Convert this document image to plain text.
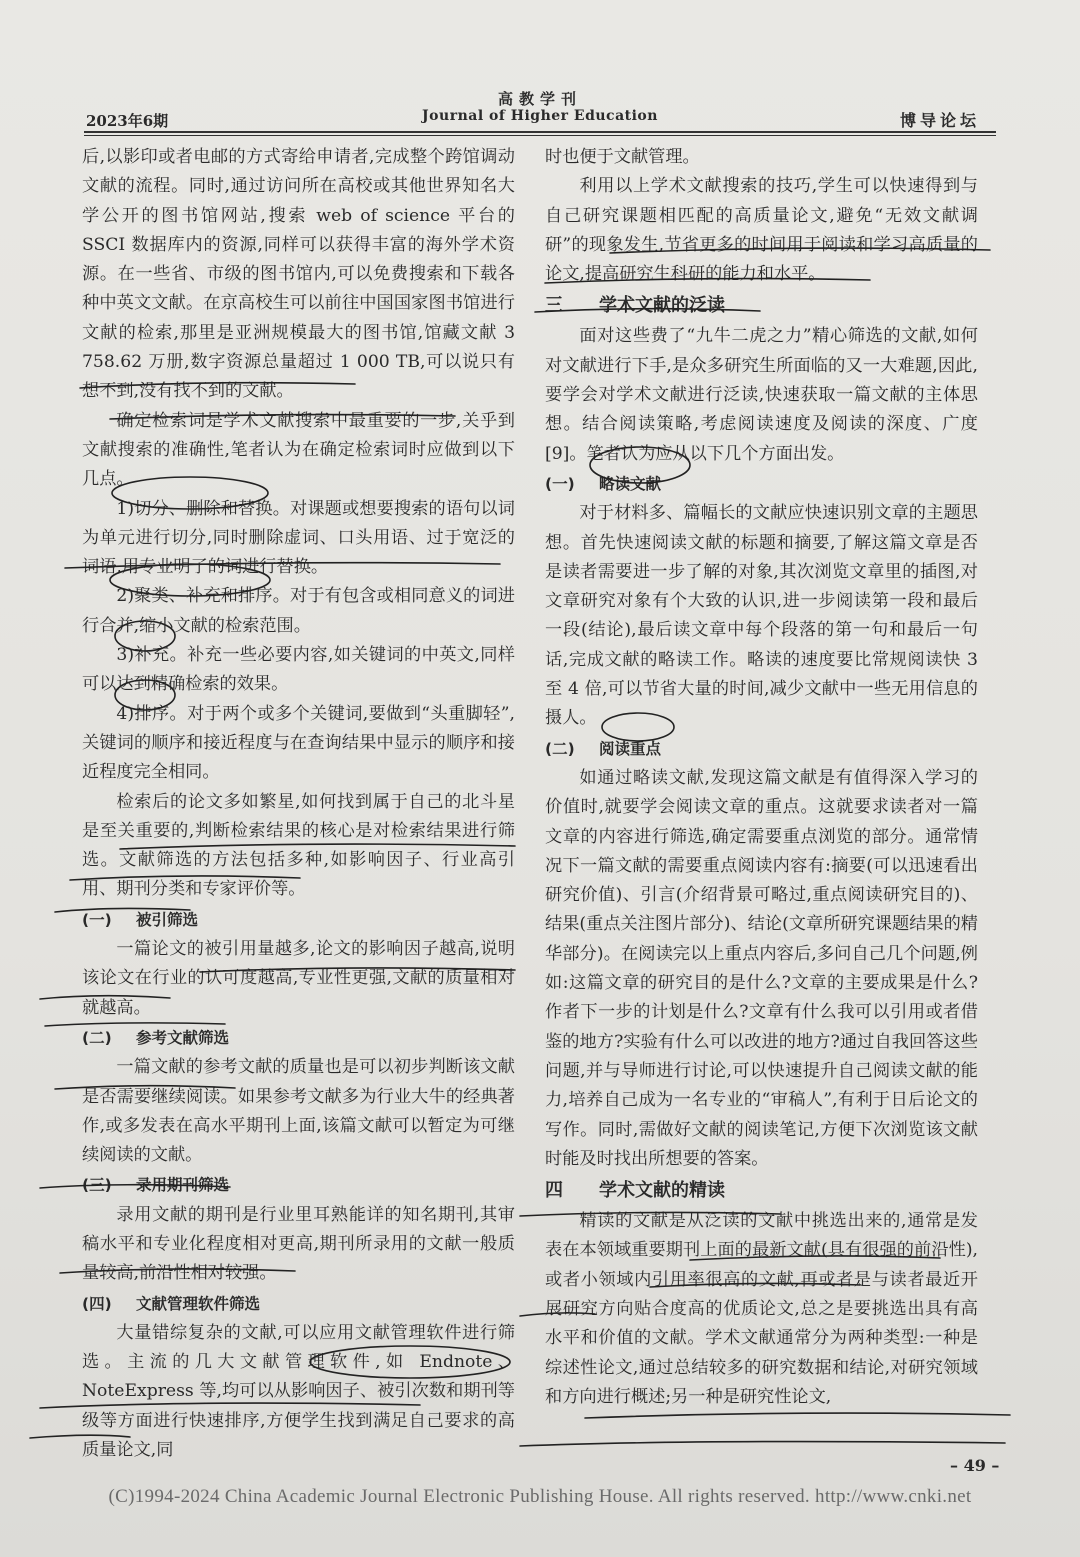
高教学刊
Journal of Higher Education
2023年6期	博导论坛

后,以影印或者电邮的方式寄给申请者,完成整个跨馆调动文献的流程。同时,通过访问所在高校或其他世界知名大学公开的图书馆网站,搜索 web of science 平台的 SSCI 数据库内的资源,同样可以获得丰富的海外学术资源。在一些省、市级的图书馆内,可以免费搜索和下载各种中英文文献。在京高校生可以前往中国国家图书馆进行文献的检索,那里是亚洲规模最大的图书馆,馆藏文献 3 758.62 万册,数字资源总量超过 1 000 TB,可以说只有想不到,没有找不到的文献。

确定检索词是学术文献搜索中最重要的一步,关乎到文献搜索的准确性,笔者认为在确定检索词时应做到以下几点。

1)切分、删除和替换。对课题或想要搜索的语句以词为单元进行切分,同时删除虚词、口头用语、过于宽泛的词语,用专业明了的词进行替换。

2)聚类、补充和排序。对于有包含或相同意义的词进行合并,缩小文献的检索范围。

3)补充。补充一些必要内容,如关键词的中英文,同样可以达到精确检索的效果。

4)排序。对于两个或多个关键词,要做到“头重脚轻”,关键词的顺序和接近程度与在查询结果中显示的顺序和接近程度完全相同。

检索后的论文多如繁星,如何找到属于自己的北斗星是至关重要的,判断检索结果的核心是对检索结果进行筛选。文献筛选的方法包括多种,如影响因子、行业高引用、期刊分类和专家评价等。

(一) 被引筛选

一篇论文的被引用量越多,论文的影响因子越高,说明该论文在行业的认可度越高,专业性更强,文献的质量相对就越高。

(二) 参考文献筛选

一篇文献的参考文献的质量也是可以初步判断该文献是否需要继续阅读。如果参考文献多为行业大牛的经典著作,或多发表在高水平期刊上面,该篇文献可以暂定为可继续阅读的文献。

(三) 录用期刊筛选

录用文献的期刊是行业里耳熟能详的知名期刊,其审稿水平和专业化程度相对更高,期刊所录用的文献一般质量较高,前沿性相对较强。

(四) 文献管理软件筛选

大量错综复杂的文献,可以应用文献管理软件进行筛选。主流的几大文献管理软件,如 Endnote、NoteExpress 等,均可以从影响因子、被引次数和期刊等级等方面进行快速排序,方便学生找到满足自己要求的高质量论文,同

时也便于文献管理。

利用以上学术文献搜索的技巧,学生可以快速得到与自己研究课题相匹配的高质量论文,避免“无效文献调研”的现象发生,节省更多的时间用于阅读和学习高质量的论文,提高研究生科研的能力和水平。

三 学术文献的泛读

面对这些费了“九牛二虎之力”精心筛选的文献,如何对文献进行下手,是众多研究生所面临的又一大难题,因此,要学会对学术文献进行泛读,快速获取一篇文献的主体思想。结合阅读策略,考虑阅读速度及阅读的深度、广度[9]。笔者认为应从以下几个方面出发。

(一) 略读文献

对于材料多、篇幅长的文献应快速识别文章的主题思想。首先快速阅读文献的标题和摘要,了解这篇文章是否是读者需要进一步了解的对象,其次浏览文章里的插图,对文章研究对象有个大致的认识,进一步阅读第一段和最后一段(结论),最后读文章中每个段落的第一句和最后一句话,完成文献的略读工作。略读的速度要比常规阅读快 3 至 4 倍,可以节省大量的时间,减少文献中一些无用信息的摄人。

(二) 阅读重点

如通过略读文献,发现这篇文献是有值得深入学习的价值时,就要学会阅读文章的重点。这就要求读者对一篇文章的内容进行筛选,确定需要重点浏览的部分。通常情况下一篇文献的需要重点阅读内容有:摘要(可以迅速看出研究价值)、引言(介绍背景可略过,重点阅读研究目的)、结果(重点关注图片部分)、结论(文章所研究课题结果的精华部分)。在阅读完以上重点内容后,多问自己几个问题,例如:这篇文章的研究目的是什么?文章的主要成果是什么?作者下一步的计划是什么?文章有什么我可以引用或者借鉴的地方?实验有什么可以改进的地方?通过自我回答这些问题,并与导师进行讨论,可以快速提升自己阅读文献的能力,培养自己成为一名专业的“审稿人”,有利于日后论文的写作。同时,需做好文献的阅读笔记,方便下次浏览该文献时能及时找出所想要的答案。

四 学术文献的精读

精读的文献是从泛读的文献中挑选出来的,通常是发表在本领域重要期刊上面的最新文献(具有很强的前沿性),或者小领域内引用率很高的文献,再或者是与读者最近开展研究方向贴合度高的优质论文,总之是要挑选出具有高水平和价值的文献。学术文献通常分为两种类型:一种是综述性论文,通过总结较多的研究数据和结论,对研究领域和方向进行概述;另一种是研究性论文,

– 49 –
(C)1994-2024 China Academic Journal Electronic Publishing House. All rights reserved. http://www.cnki.net
